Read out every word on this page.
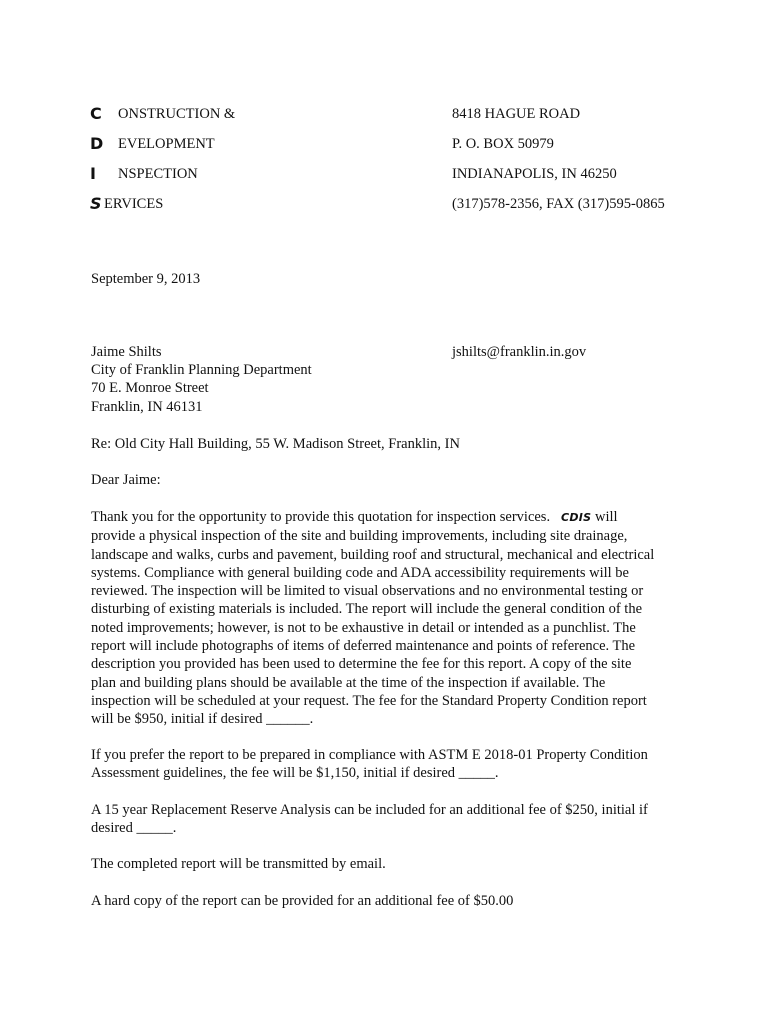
C ONSTRUCTION &
D EVELOPMENT
I NSPECTION
S ERVICES
8418 HAGUE ROAD
P. O. BOX 50979
INDIANAPOLIS, IN 46250
(317)578-2356, FAX (317)595-0865
September 9, 2013
Jaime Shilts	jshilts@franklin.in.gov
City of Franklin Planning Department
70 E. Monroe Street
Franklin, IN 46131
Re: Old City Hall Building, 55 W. Madison Street, Franklin, IN
Dear Jaime:
Thank you for the opportunity to provide this quotation for inspection services. CDIS will
provide a physical inspection of the site and building improvements, including site drainage,
landscape and walks, curbs and pavement, building roof and structural, mechanical and electrical
systems. Compliance with general building code and ADA accessibility requirements will be
reviewed. The inspection will be limited to visual observations and no environmental testing or
disturbing of existing materials is included. The report will include the general condition of the
noted improvements; however, is not to be exhaustive in detail or intended as a punchlist. The
report will include photographs of items of deferred maintenance and points of reference. The
description you provided has been used to determine the fee for this report. A copy of the site
plan and building plans should be available at the time of the inspection if available. The
inspection will be scheduled at your request. The fee for the Standard Property Condition report
will be $950, initial if desired ______.
If you prefer the report to be prepared in compliance with ASTM E 2018-01 Property Condition
Assessment guidelines, the fee will be $1,150, initial if desired _____.
A 15 year Replacement Reserve Analysis can be included for an additional fee of $250, initial if
desired _____.
The completed report will be transmitted by email.
A hard copy of the report can be provided for an additional fee of $50.00
